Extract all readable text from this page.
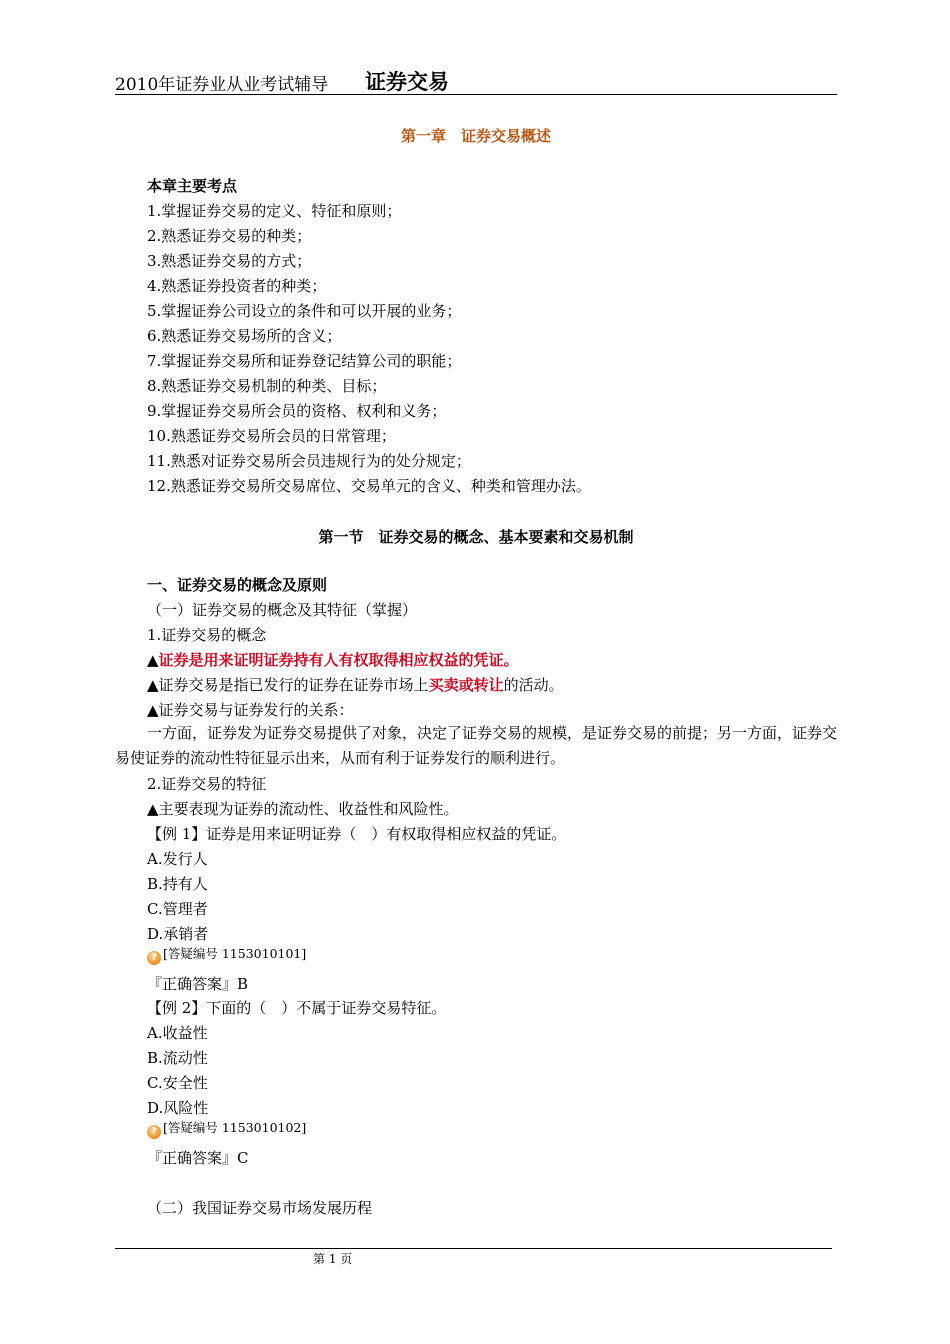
2010年证券业从业考试辅导 证券交易
第一章　证券交易概述
本章主要考点
1.掌握证券交易的定义、特征和原则；
2.熟悉证券交易的种类；
3.熟悉证券交易的方式；
4.熟悉证券投资者的种类；
5.掌握证券公司设立的条件和可以开展的业务；
6.熟悉证券交易场所的含义；
7.掌握证券交易所和证券登记结算公司的职能；
8.熟悉证券交易机制的种类、目标；
9.掌握证券交易所会员的资格、权利和义务；
10.熟悉证券交易所会员的日常管理；
11.熟悉对证券交易所会员违规行为的处分规定；
12.熟悉证券交易所交易席位、交易单元的含义、种类和管理办法。
第一节　证券交易的概念、基本要素和交易机制
一、证券交易的概念及原则
（一）证券交易的概念及其特征（掌握）
1.证券交易的概念
▲证券是用来证明证券持有人有权取得相应权益的凭证。
▲证券交易是指已发行的证券在证券市场上买卖或转让的活动。
▲证券交易与证券发行的关系：
一方面，证券发为证券交易提供了对象，决定了证券交易的规模，是证券交易的前提；另一方面，证券交易使证券的流动性特征显示出来，从而有利于证券发行的顺利进行。
2.证券交易的特征
▲主要表现为证券的流动性、收益性和风险性。
【例 1】证券是用来证明证券（　）有权取得相应权益的凭证。
A.发行人
B.持有人
C.管理者
D.承销者
? [答疑编号 1153010101]
『正确答案』B
【例 2】下面的（　）不属于证券交易特征。
A.收益性
B.流动性
C.安全性
D.风险性
? [答疑编号 1153010102]
『正确答案』C
（二）我国证券交易市场发展历程
第 1 页
